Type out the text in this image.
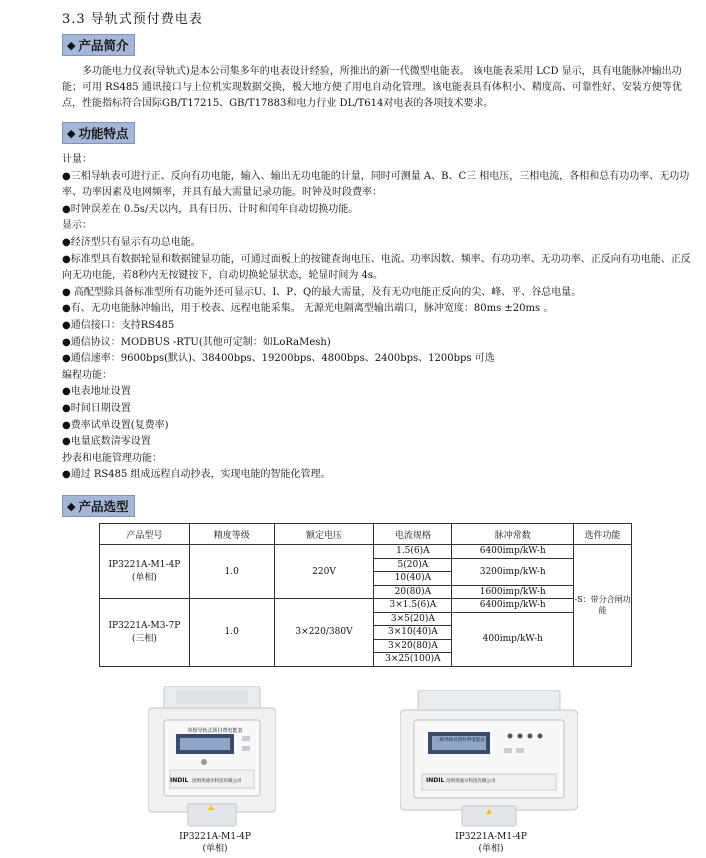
3.3 导轨式预付费电表
◆ 产品简介

多功能电力仪表(导轨式)是本公司集多年的电表设计经验，所推出的新一代微型电能表。 该电能表采用 LCD 显示，具有电能脉冲输出功能；可用 RS485 通讯接口与上位机实现数据交换，极大地方便了用电自动化管理。该电能表具有体积小、精度高、可靠性好、安装方便等优点，性能指标符合国际GB/T17215、GB/T17883和电力行业 DL/T614对电表的各项技术要求。

◆ 功能特点
计量：
●三相导轨表可进行正、反向有功电能，输入、输出无功电能的计量，同时可测量 A、B、C三 相电压，三相电流，各相和总有功功率、无功功率、功率因素及电网频率，并具有最大需量记录功能。时钟及时段费率：
●时钟误差在 0.5s/天以内，具有日历、计时和闰年自动切换功能。
显示：
●经济型只有显示有功总电能。
●标准型具有数据轮显和数据键显功能，可通过面板上的按键查询电压、电流、功率因数、频率、有功功率、无功功率、正反向有功电能、正反向无功电能，若8秒内无按键按下，自动切换轮显状态，轮显时间为 4s。
● 高配型除具备标准型所有功能外还可显示U、I、P、Q的最大需量，及有无功电能正反向的尖、峰、平、谷总电量。
●有、无功电能脉冲输出，用于校表、远程电能采集。 无源光电隔离型输出端口，脉冲宽度：80ms ±20ms 。
●通信接口：支持RS485
●通信协议：MODBUS -RTU(其他可定制：如LoRaMesh)
●通信速率：9600bps(默认)、38400bps、19200bps、4800bps、2400bps、1200bps 可选
编程功能：
●电表地址设置
●时间日期设置
●费率试单设置(复费率)
●电量底数清零设置
抄表和电能管理功能：
●通过 RS485 组成远程自动抄表，实现电能的智能化管理。
◆ 产品选型
产品型号	精度等级	额定电压	电流规格	脉冲常数	选件功能

IP3221A-M1-4P
(单相)	1.0	220V	1.5(6)A	6400imp/kW-h	-S：带分合闸功能
			5(20)A	3200imp/kW-h	
			10(40)A		
			20(80)A	1600imp/kW-h	

IP3221A-M3-7P
(三相)	1.0	3×220/380V	3×1.5(6)A	6400imp/kW-h	
			3×5(20)A	400imp/kW-h	
			3×10(40)A		
			3×20(80)A		
			3×25(100)A		
单相导轨式预付费电能表
INDIL 昆明英迪尔科技有限公司
IP3221A-M1-4P
(单相)
三相导轨式预付费电能表
INDIL 昆明英迪尔科技有限公司
IP3221A-M1-4P
(单相)
